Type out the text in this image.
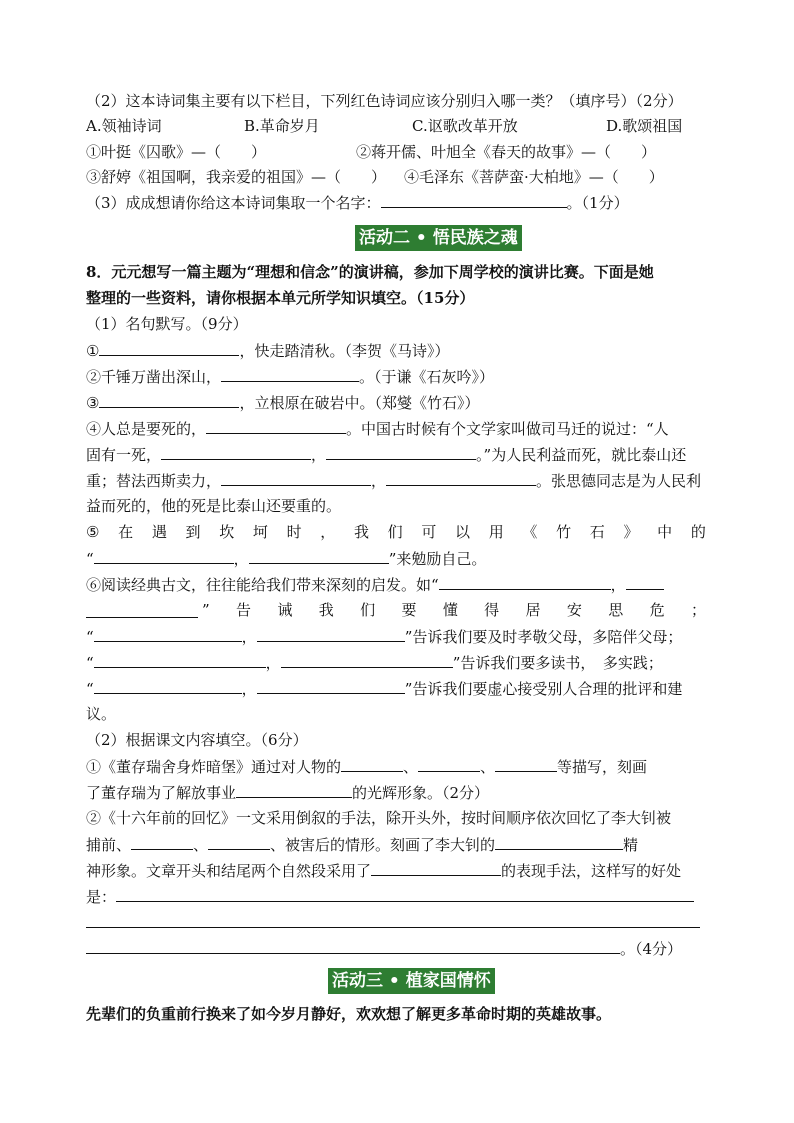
（2）这本诗词集主要有以下栏目，下列红色诗词应该分别归入哪一类？（填序号）（2分）
A.领袖诗词	B.革命岁月	C.讴歌改革开放	D.歌颂祖国
①叶挺《囚歌》—（　　）	②蒋开儒、叶旭全《春天的故事》—（　　）
③舒婷《祖国啊，我亲爱的祖国》—（　　） ④毛泽东《菩萨蛮·大柏地》—（　　）
（3）成成想请你给这本诗词集取一个名字：	。（1分）
活动二 • 悟民族之魂
8．元元想写一篇主题为“理想和信念”的演讲稿，参加下周学校的演讲比赛。下面是她
整理的一些资料，请你根据本单元所学知识填空。（15分）
（1）名句默写。（9分）
①	，快走踏清秋。（李贺《马诗》）
②千锤万凿出深山，	。（于谦《石灰吟》）
③	，立根原在破岩中。（郑燮《竹石》）
④人总是要死的，	。中国古时候有个文学家叫做司马迁的说过：“人
固有一死，	，	。”为人民利益而死，就比泰山还
重；替法西斯卖力，	，	。张思德同志是为人民利
益而死的，他的死是比泰山还要重的。
⑤ 在 遇 到 坎 坷 时 ， 我 们 可 以 用 《 竹 石 》 中 的
“	，	”来勉励自己。
⑥阅读经典古文，往往能给我们带来深刻的启发。如“	，
” 告 诫 我 们 要 懂 得 居 安 思 危 ；
“	，	”告诉我们要及时孝敬父母，多陪伴父母；
“	，	”告诉我们要多读书，　多实践；
“	，	”告诉我们要虚心接受别人合理的批评和建
议。
（2）根据课文内容填空。（6分）
①《董存瑞舍身炸暗堡》通过对人物的	、	、	等描写，刻画
了董存瑞为了解放事业	的光辉形象。（2分）
②《十六年前的回忆》一文采用倒叙的手法，除开头外，按时间顺序依次回忆了李大钊被
捕前、	、	、被害后的情形。刻画了李大钊的	精
神形象。文章开头和结尾两个自然段采用了	的表现手法，这样写的好处
是：
。（4分）
活动三 • 植家国情怀
先辈们的负重前行换来了如今岁月静好，欢欢想了解更多革命时期的英雄故事。
